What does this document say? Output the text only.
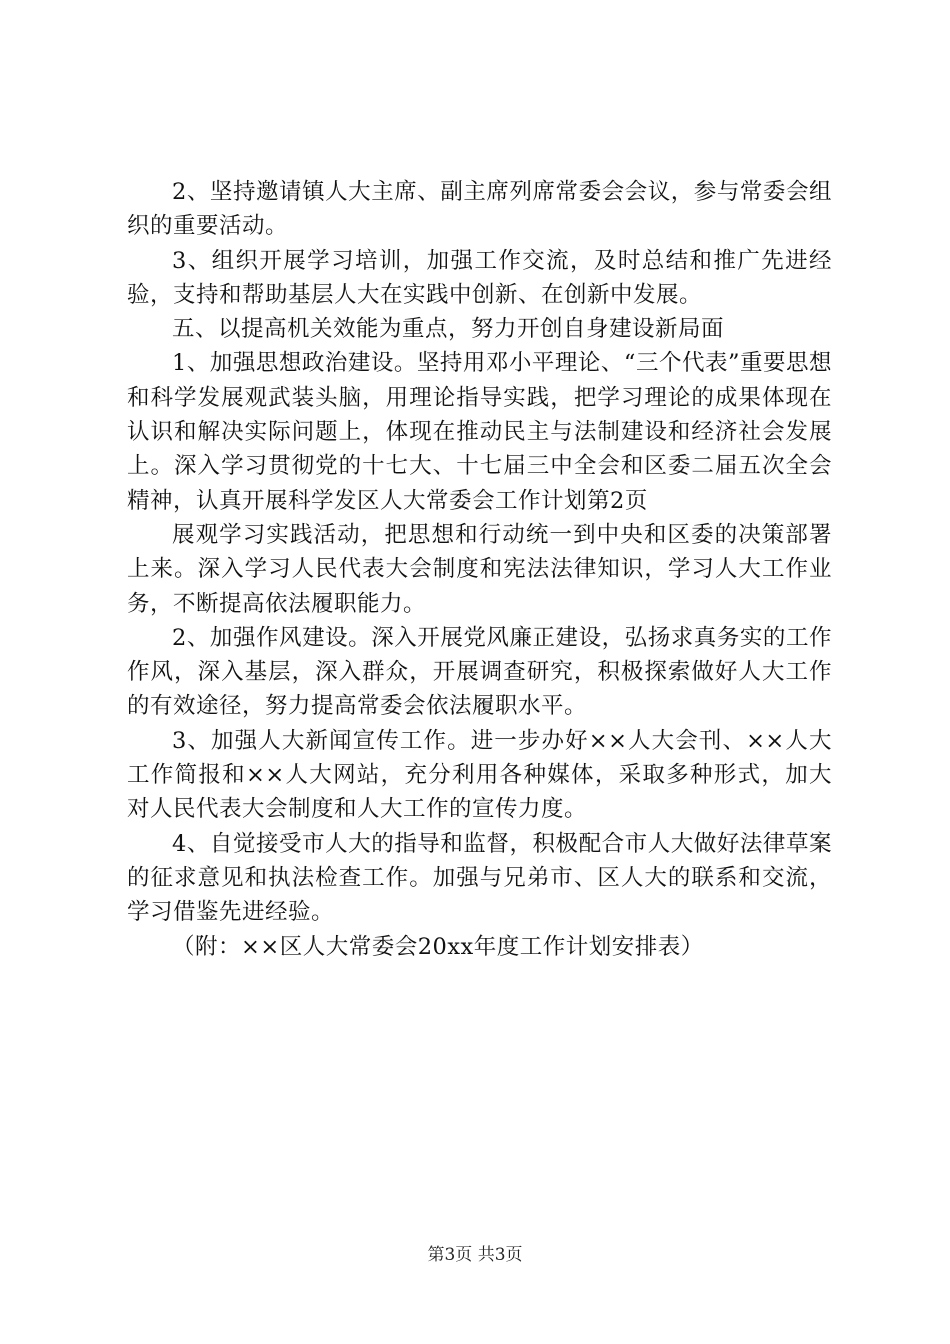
2、坚持邀请镇人大主席、副主席列席常委会会议，参与常委会组织的重要活动。

3、组织开展学习培训，加强工作交流，及时总结和推广先进经验，支持和帮助基层人大在实践中创新、在创新中发展。

五、以提高机关效能为重点，努力开创自身建设新局面

1、加强思想政治建设。坚持用邓小平理论、“三个代表”重要思想和科学发展观武装头脑，用理论指导实践，把学习理论的成果体现在认识和解决实际问题上，体现在推动民主与法制建设和经济社会发展上。深入学习贯彻党的十七大、十七届三中全会和区委二届五次全会精神，认真开展科学发区人大常委会工作计划第2页

展观学习实践活动，把思想和行动统一到中央和区委的决策部署上来。深入学习人民代表大会制度和宪法法律知识，学习人大工作业务，不断提高依法履职能力。

2、加强作风建设。深入开展党风廉正建设，弘扬求真务实的工作作风，深入基层，深入群众，开展调查研究，积极探索做好人大工作的有效途径，努力提高常委会依法履职水平。

3、加强人大新闻宣传工作。进一步办好××人大会刊、××人大工作简报和××人大网站，充分利用各种媒体，采取多种形式，加大对人民代表大会制度和人大工作的宣传力度。

4、自觉接受市人大的指导和监督，积极配合市人大做好法律草案的征求意见和执法检查工作。加强与兄弟市、区人大的联系和交流，学习借鉴先进经验。

（附：××区人大常委会20xx年度工作计划安排表）

第3页 共3页
